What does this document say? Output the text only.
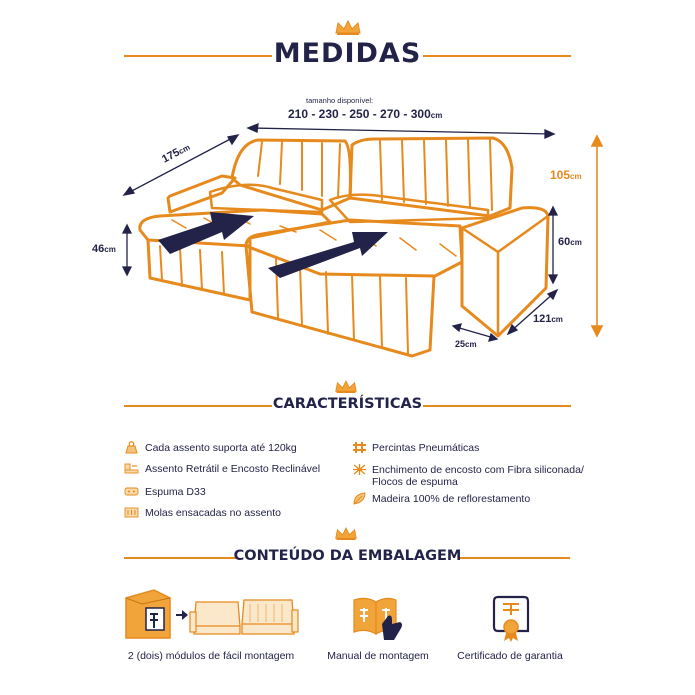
MEDIDAS
tamanho disponível:
210 - 230 - 250 - 270 - 300cm
175cm
46cm
105cm
60cm
121cm
25cm
CARACTERÍSTICAS
Cada assento suporta até 120kg
Assento Retrátil e Encosto Reclinável
Espuma D33
Molas ensacadas no assento
Percintas Pneumáticas
Enchimento de encosto com Fibra siliconada/
Flocos de espuma
Madeira 100% de reflorestamento
CONTEÚDO DA EMBALAGEM
2 (dois) módulos de fácil montagem	Manual de montagem	Certificado de garantia
